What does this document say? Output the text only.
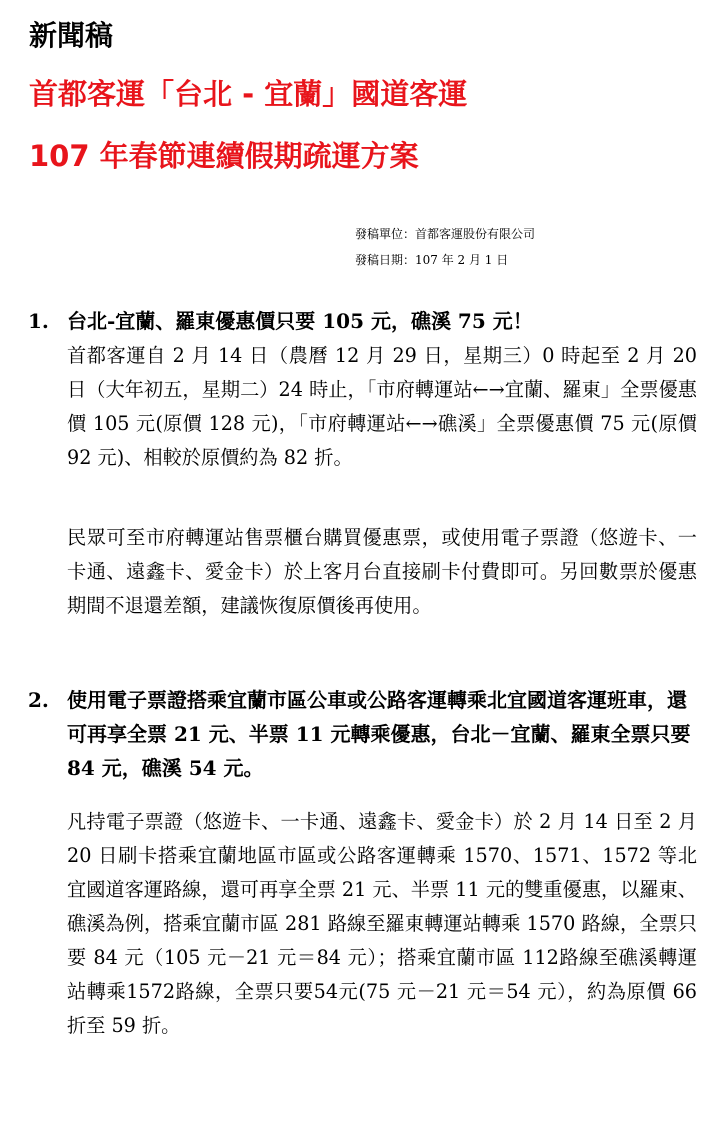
新聞稿
首都客運「台北 - 宜蘭」國道客運
107 年春節連續假期疏運方案
發稿單位：首都客運股份有限公司
發稿日期：107 年 2 月 1 日
1. 台北-宜蘭、羅東優惠價只要 105 元，礁溪 75 元！

首都客運自 2 月 14 日（農曆 12 月 29 日，星期三）0 時起至 2 月 20 日（大年初五，星期二）24 時止，「市府轉運站←→宜蘭、羅東」全票優惠價 105 元(原價 128 元)，「市府轉運站←→礁溪」全票優惠價 75 元(原價 92 元)、相較於原價約為 82 折。

民眾可至市府轉運站售票櫃台購買優惠票，或使用電子票證（悠遊卡、一卡通、遠鑫卡、愛金卡）於上客月台直接刷卡付費即可。另回數票於優惠期間不退還差額，建議恢復原價後再使用。

2. 使用電子票證搭乘宜蘭市區公車或公路客運轉乘北宜國道客運班車，還可再享全票 21 元、半票 11 元轉乘優惠，台北－宜蘭、羅東全票只要 84 元，礁溪 54 元。

凡持電子票證（悠遊卡、一卡通、遠鑫卡、愛金卡）於 2 月 14 日至 2 月 20 日刷卡搭乘宜蘭地區市區或公路客運轉乘 1570、1571、1572 等北宜國道客運路線，還可再享全票 21 元、半票 11 元的雙重優惠，以羅東、礁溪為例，搭乘宜蘭市區 281 路線至羅東轉運站轉乘 1570 路線，全票只要 84 元（105 元－21 元＝84 元）；搭乘宜蘭市區 112路線至礁溪轉運站轉乘1572路線，全票只要54元(75 元－21 元＝54 元），約為原價 66 折至 59 折。
